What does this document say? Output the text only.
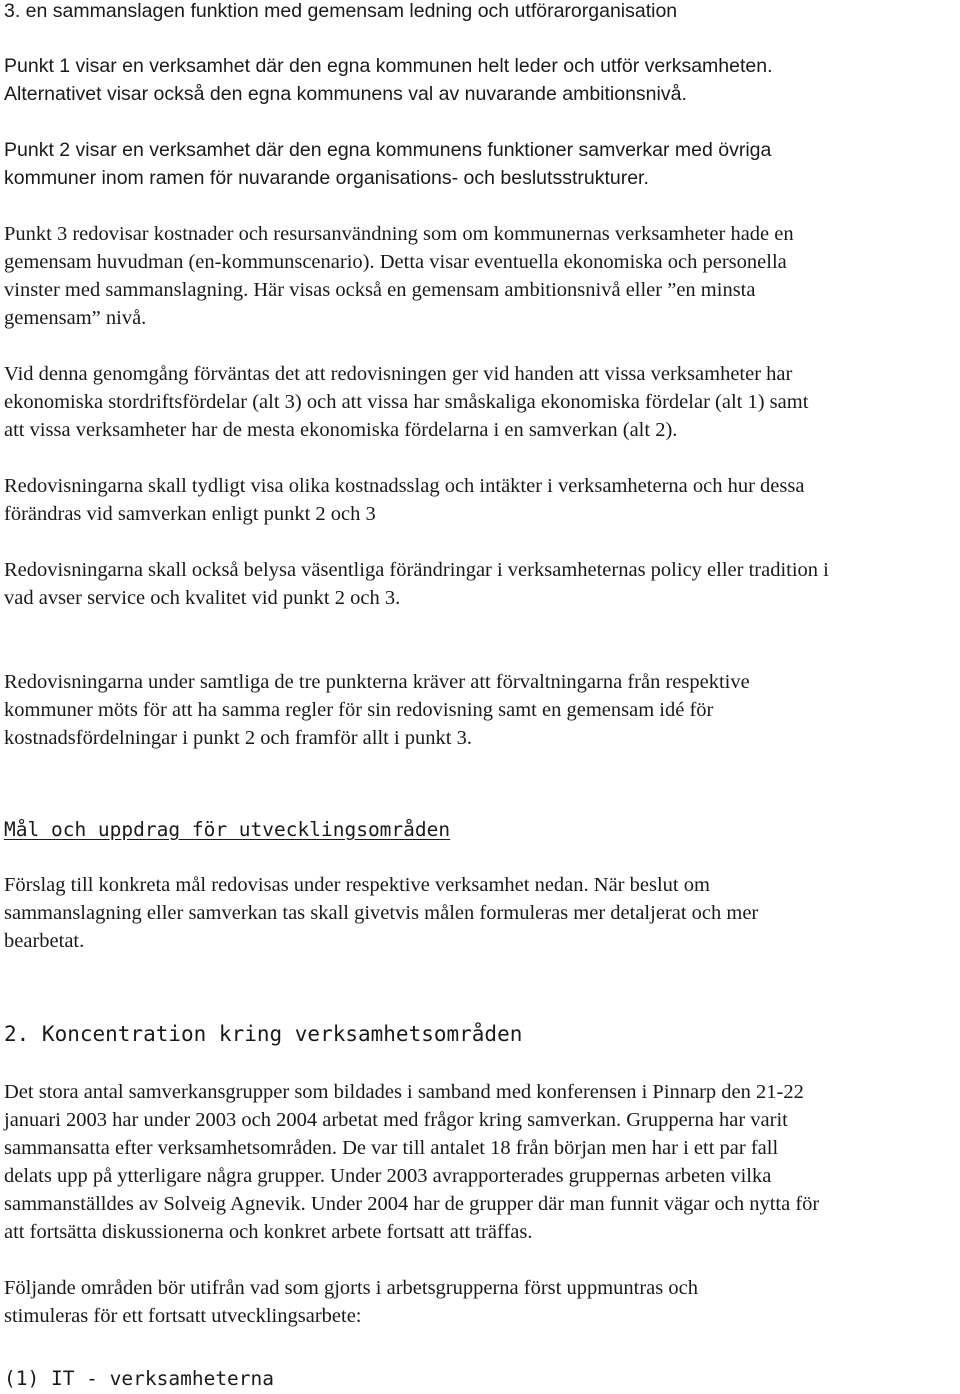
3. en sammanslagen funktion med gemensam ledning och utförarorganisation
Punkt 1 visar en verksamhet där den egna kommunen helt leder och utför verksamheten.
Alternativet visar också den egna kommunens val av nuvarande ambitionsnivå.
Punkt 2 visar en verksamhet där den egna kommunens funktioner samverkar med övriga
kommuner inom ramen för nuvarande organisations- och beslutsstrukturer.
Punkt 3 redovisar kostnader och resursanvändning som om kommunernas verksamheter hade en
gemensam huvudman (en-kommunscenario). Detta visar eventuella ekonomiska och personella
vinster med sammanslagning. Här visas också en gemensam ambitionsnivå eller ”en minsta
gemensam” nivå.
Vid denna genomgång förväntas det att redovisningen ger vid handen att vissa verksamheter har
ekonomiska stordriftsfördelar (alt 3) och att vissa har småskaliga ekonomiska fördelar (alt 1) samt
att vissa verksamheter har de mesta ekonomiska fördelarna i en samverkan (alt 2).
Redovisningarna skall tydligt visa olika kostnadsslag och intäkter i verksamheterna och hur dessa
förändras vid samverkan enligt punkt 2 och 3
Redovisningarna skall också belysa väsentliga förändringar i verksamheternas policy eller tradition i
vad avser service och kvalitet vid punkt 2 och 3.
Redovisningarna under samtliga de tre punkterna kräver att förvaltningarna från respektive
kommuner möts för att ha samma regler för sin redovisning samt en gemensam idé för
kostnadsfördelningar i punkt 2 och framför allt i punkt 3.
Mål och uppdrag för utvecklingsområden
Förslag till konkreta mål redovisas under respektive verksamhet nedan. När beslut om
sammanslagning eller samverkan tas skall givetvis målen formuleras mer detaljerat och mer
bearbetat.
2. Koncentration kring verksamhetsområden
Det stora antal samverkansgrupper som bildades i samband med konferensen i Pinnarp den 21-22
januari 2003 har under 2003 och 2004 arbetat med frågor kring samverkan. Grupperna har varit
sammansatta efter verksamhetsområden. De var till antalet 18 från början men har i ett par fall
delats upp på ytterligare några grupper. Under 2003 avrapporterades gruppernas arbeten vilka
sammanställdes av Solveig Agnevik. Under 2004 har de grupper där man funnit vägar och nytta för
att fortsätta diskussionerna och konkret arbete fortsatt att träffas.
Följande områden bör utifrån vad som gjorts i arbetsgrupperna först uppmuntras och
stimuleras för ett fortsatt utvecklingsarbete:
(1) IT - verksamheterna
